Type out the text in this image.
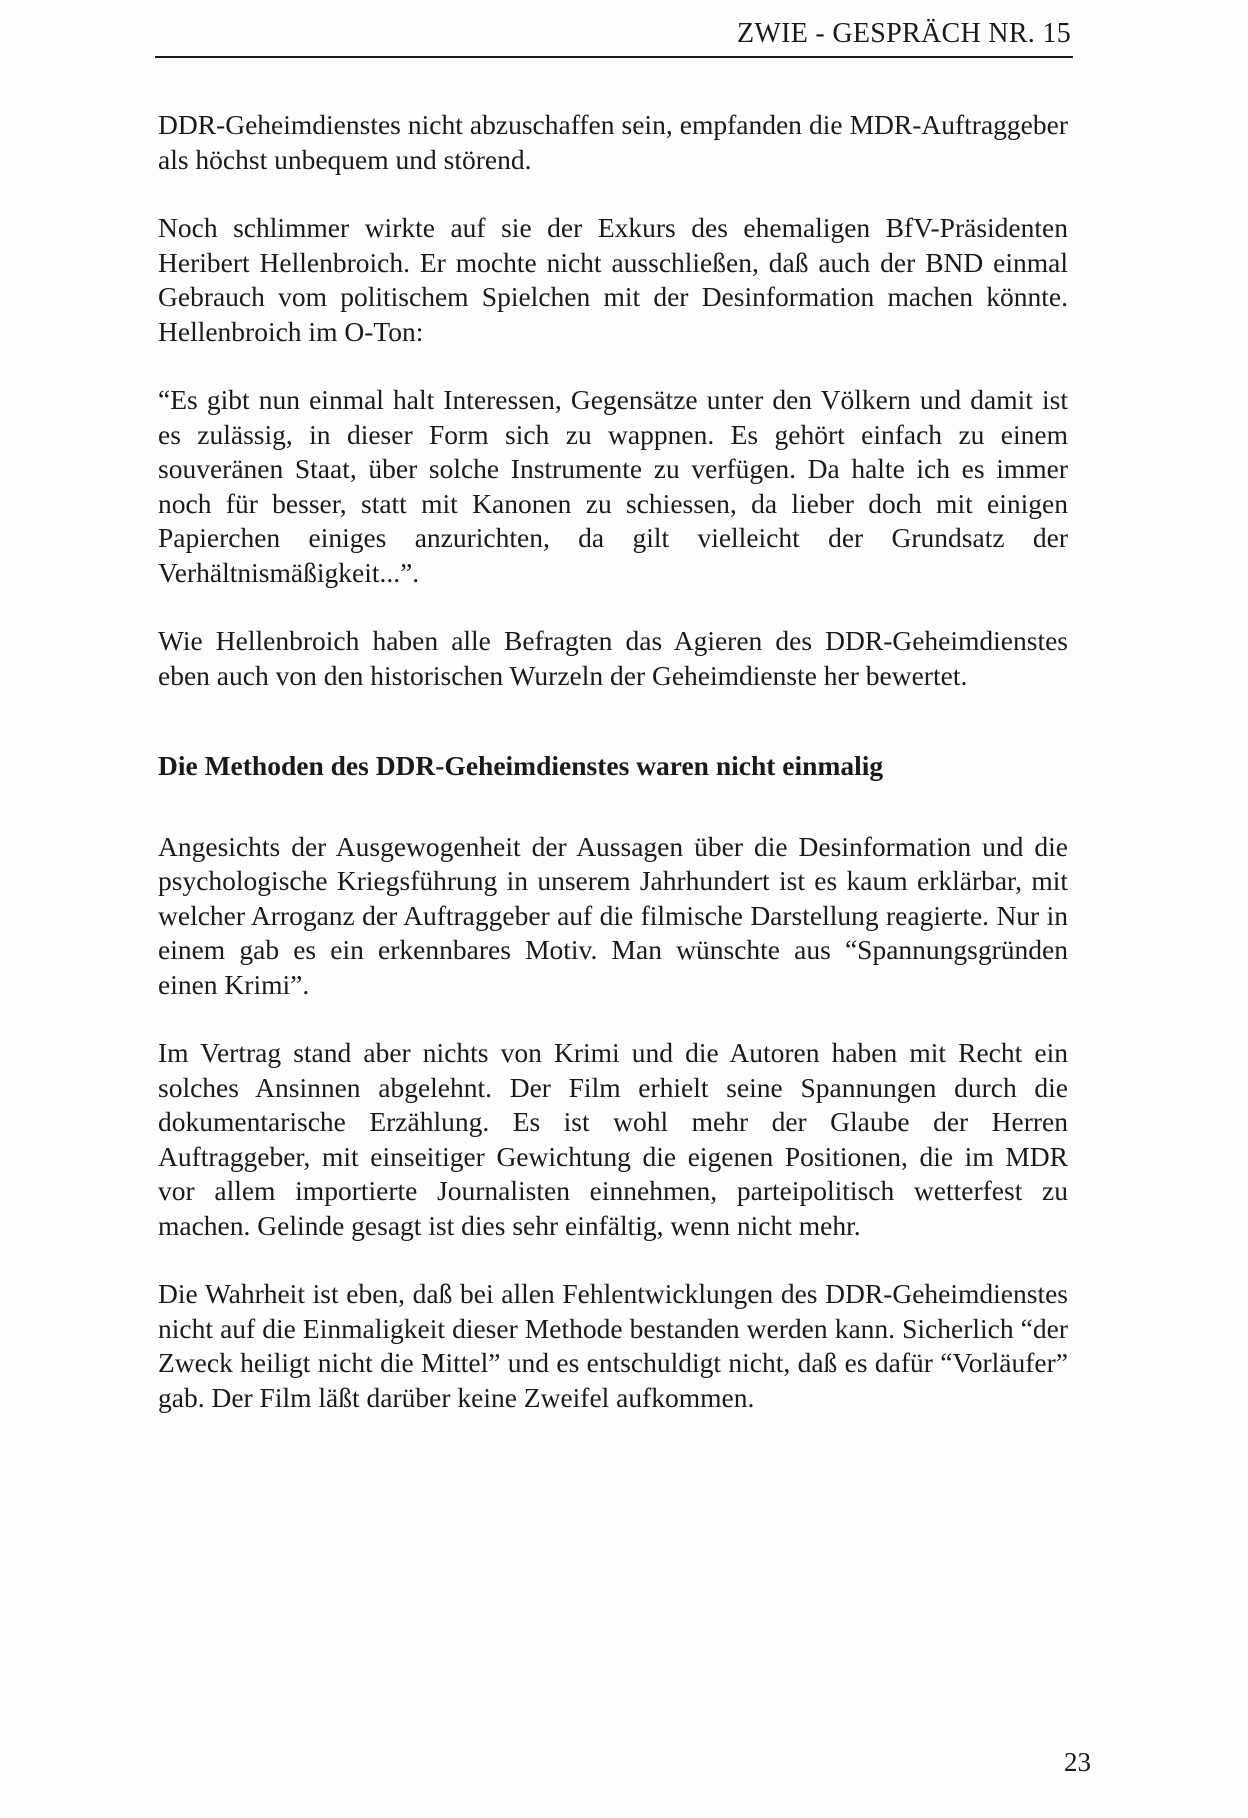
ZWIE - GESPRÄCH NR. 15

DDR-Geheimdienstes nicht abzuschaffen sein, empfanden die MDR-Auftraggeber als höchst unbequem und störend.

Noch schlimmer wirkte auf sie der Exkurs des ehemaligen BfV-Präsidenten Heribert Hellenbroich. Er mochte nicht ausschließen, daß auch der BND einmal Gebrauch vom politischem Spielchen mit der Desinformation machen könnte. Hellenbroich im O-Ton:

“Es gibt nun einmal halt Interessen, Gegensätze unter den Völkern und damit ist es zulässig, in dieser Form sich zu wappnen. Es gehört einfach zu einem souveränen Staat, über solche Instrumente zu verfügen. Da halte ich es immer noch für besser, statt mit Kanonen zu schiessen, da lieber doch mit einigen Papierchen einiges anzurichten, da gilt vielleicht der Grundsatz der Verhältnismäßigkeit...”.

Wie Hellenbroich haben alle Befragten das Agieren des DDR-Geheimdienstes eben auch von den historischen Wurzeln der Geheimdienste her bewertet.

Die Methoden des DDR-Geheimdienstes waren nicht einmalig

Angesichts der Ausgewogenheit der Aussagen über die Desinformation und die psychologische Kriegsführung in unserem Jahrhundert ist es kaum erklärbar, mit welcher Arroganz der Auftraggeber auf die filmische Darstellung reagierte. Nur in einem gab es ein erkennbares Motiv. Man wünschte aus “Spannungsgründen einen Krimi”.

Im Vertrag stand aber nichts von Krimi und die Autoren haben mit Recht ein solches Ansinnen abgelehnt. Der Film erhielt seine Spannungen durch die dokumentarische Erzählung. Es ist wohl mehr der Glaube der Herren Auftraggeber, mit einseitiger Gewichtung die eigenen Positionen, die im MDR vor allem importierte Journalisten einnehmen, parteipolitisch wetterfest zu machen. Gelinde gesagt ist dies sehr einfältig, wenn nicht mehr.

Die Wahrheit ist eben, daß bei allen Fehlentwicklungen des DDR-Geheimdienstes nicht auf die Einmaligkeit dieser Methode bestanden werden kann. Sicherlich “der Zweck heiligt nicht die Mittel” und es entschuldigt nicht, daß es dafür “Vorläufer” gab. Der Film läßt darüber keine Zweifel aufkommen.

23
